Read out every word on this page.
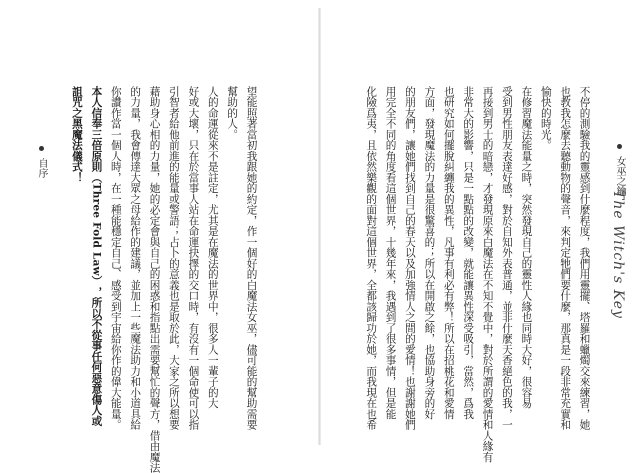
女巫之鑰
The Witch's Key
不停的測驗我的靈感到什麼程度，我們用靈擺、塔羅和蠟燭交來練習，她
也教我怎麼去聽動物的聲音，來判定牠們要什麼，那真是一段非常充實和
愉快的時光。
在修習魔法能量之時，突然發現自己的靈性人緣也同時大好，很容易
受到男性朋友表達好感，對於自知外表普通，並非什麼天香絕色的我，一
再接到男士的暗戀，才發現原來白魔法在不知不覺中，對於所謂的愛情和人緣有
非常大的影響，只是一點點的改變，就能讓異性深受吸引，當然，爲我
也研究如何擺脫糾纏我的異性，凡事有利必有弊！所以在招桃花和愛情
方面，發現魔法的力量是很驚喜的；所以在開啟之餘，也協助身旁的好
的朋友們，讓她們找到自己的春天以及加強情人之間的愛情！也謝謝她們
用完全不同的角度看這個世界，十幾年來，我遇到了很多事情，但是能
化險爲夷，且依然樂觀的面對這個世界，全都該歸功於她，而我現在也希
自序	望能照著當初我跟她的約定，作一個好的白魔法女巫，儘可能的幫助需要
幫助的人。
人的命運從來不是註定，尤其是在魔法的世界中，很多人一輩子的大
好或大壞，只在於當事人站在命運抉擇的交口時，有沒有一個命使可以指
引智者給他前進的能量或警語；占卜的意義也是取於此，大家之所以想要
藉助身心相的力量，她的必定會與自己的困惑和指點出需要幫忙的聲方，借由魔法
的力量，我會傳達大眾之母給作的建議，並加上一些魔法助力和小道具給
你讚作當一個人時，在一種能穩定自己、感受到宇宙給你作的偉大能量。
本人信奉三倍原則（Three Fold Law），所以不從事任何惡意傷人或
詛咒之黑魔法儀式！
